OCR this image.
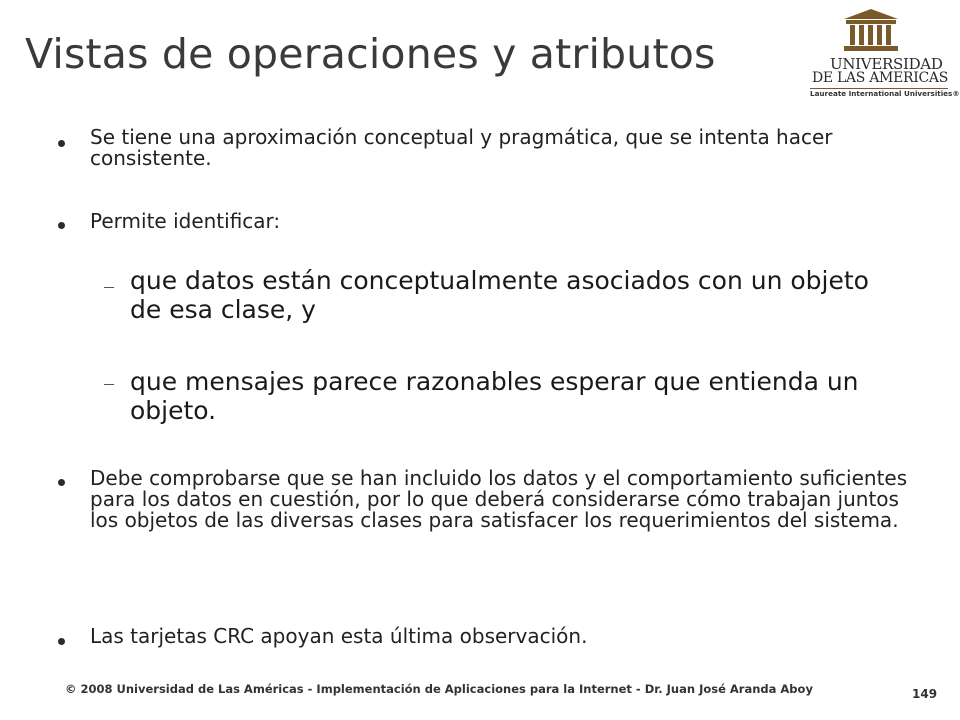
Vistas de operaciones y atributos	UNIVERSIDAD
DE LAS AMERICAS
Laureate International Universities®

Se tiene una aproximación conceptual y pragmática, que se intenta hacer consistente.

Permite identificar:

que datos están conceptualmente asociados con un objeto de esa clase, y

que mensajes parece razonables esperar que entienda un objeto.

Debe comprobarse que se han incluido los datos y el comportamiento suficientes para los datos en cuestión, por lo que deberá considerarse cómo trabajan juntos los objetos de las diversas clases para satisfacer los requerimientos del sistema.

Las tarjetas CRC apoyan esta última observación.

© 2008 Universidad de Las Américas - Implementación de Aplicaciones para la Internet - Dr. Juan José Aranda Aboy	149
